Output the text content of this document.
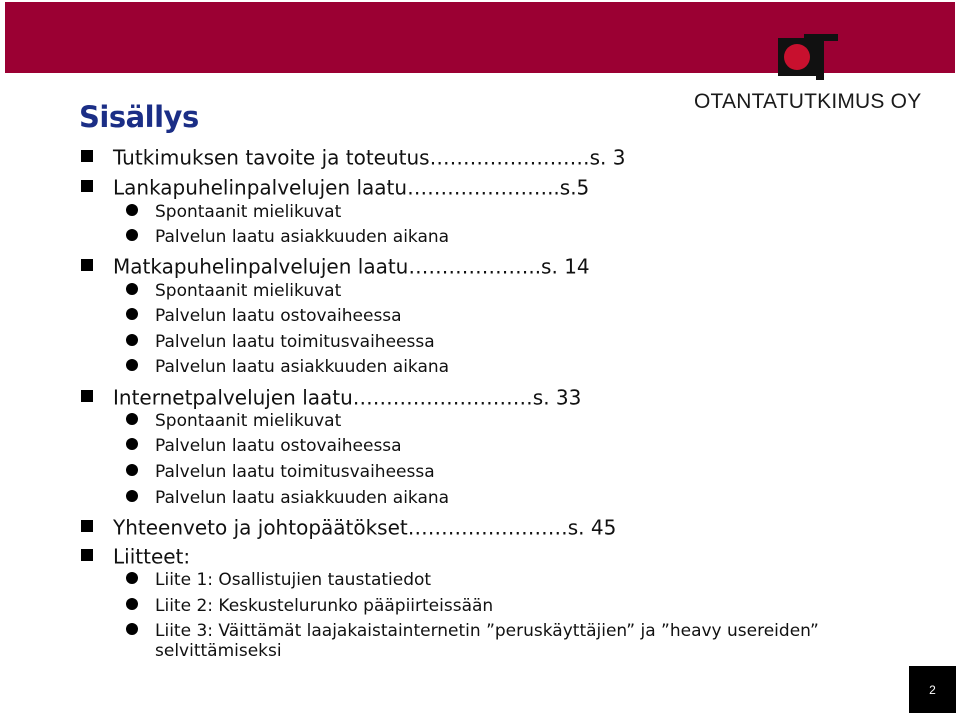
OTANTATUTKIMUS OY
Sisällys
Tutkimuksen tavoite ja toteutus……………………s. 3
Lankapuhelinpalvelujen laatu…………………..s.5
Spontaanit mielikuvat
Palvelun laatu asiakkuuden aikana
Matkapuhelinpalvelujen laatu………………..s. 14
Spontaanit mielikuvat
Palvelun laatu ostovaiheessa
Palvelun laatu toimitusvaiheessa
Palvelun laatu asiakkuuden aikana
Internetpalvelujen laatu………………………s. 33
Spontaanit mielikuvat
Palvelun laatu ostovaiheessa
Palvelun laatu toimitusvaiheessa
Palvelun laatu asiakkuuden aikana
Yhteenveto ja johtopäätökset……………………s. 45
Liitteet:
Liite 1: Osallistujien taustatiedot
Liite 2: Keskustelurunko pääpiirteissään
Liite 3: Väittämät laajakaistainternetin ”peruskäyttäjien” ja ”heavy usereiden”
selvittämiseksi
2
